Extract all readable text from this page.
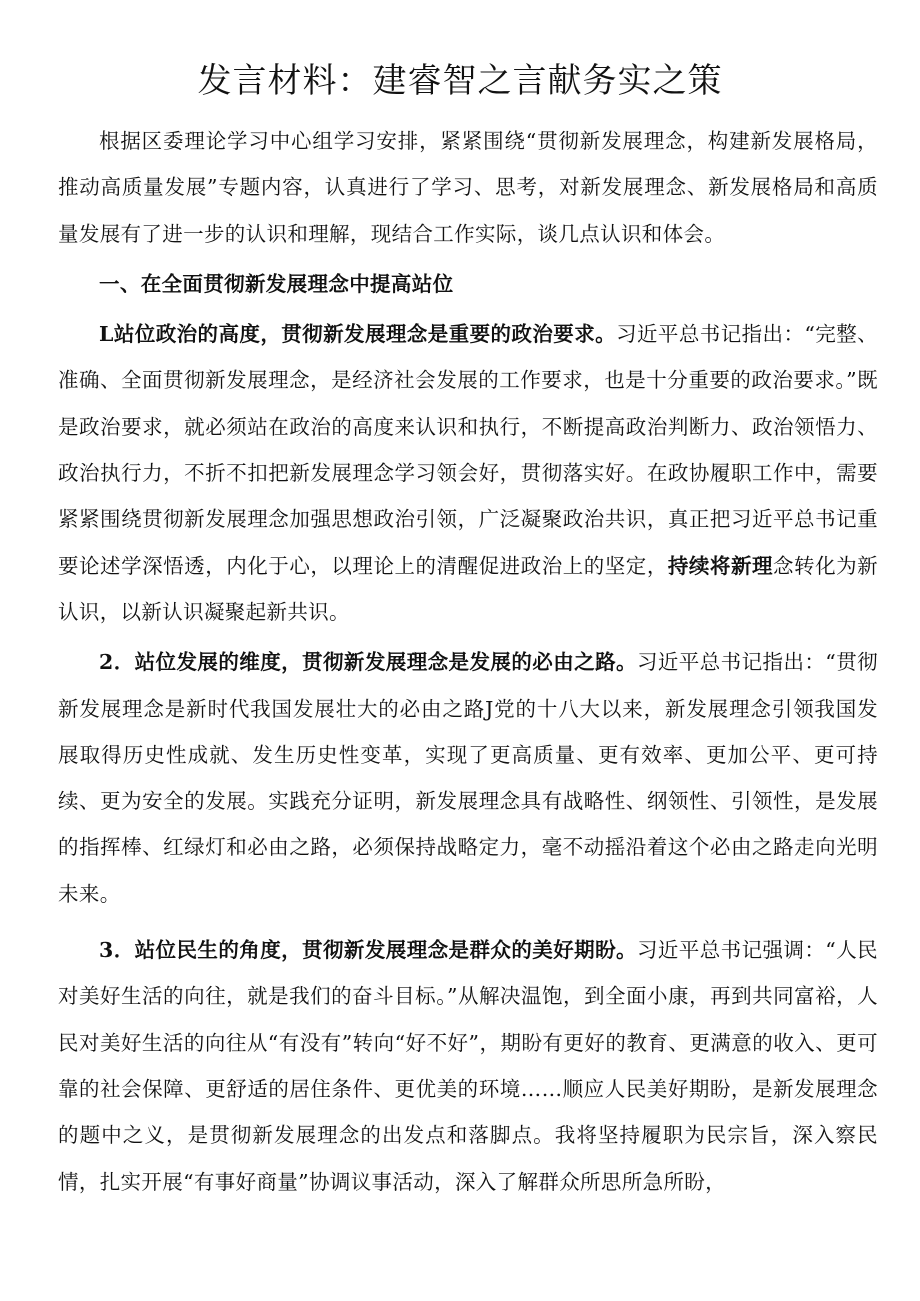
发言材料：建睿智之言献务实之策

根据区委理论学习中心组学习安排，紧紧围绕“贯彻新发展理念，构建新发展格局，推动高质量发展”专题内容，认真进行了学习、思考，对新发展理念、新发展格局和高质量发展有了进一步的认识和理解，现结合工作实际，谈几点认识和体会。

一、在全面贯彻新发展理念中提高站位

L站位政治的高度，贯彻新发展理念是重要的政治要求。习近平总书记指出：“完整、准确、全面贯彻新发展理念，是经济社会发展的工作要求，也是十分重要的政治要求。”既是政治要求，就必须站在政治的高度来认识和执行，不断提高政治判断力、政治领悟力、政治执行力，不折不扣把新发展理念学习领会好，贯彻落实好。在政协履职工作中，需要紧紧围绕贯彻新发展理念加强思想政治引领，广泛凝聚政治共识，真正把习近平总书记重要论述学深悟透，内化于心，以理论上的清醒促进政治上的坚定，持续将新理念转化为新认识，以新认识凝聚起新共识。

2．站位发展的维度，贯彻新发展理念是发展的必由之路。习近平总书记指出：“贯彻新发展理念是新时代我国发展壮大的必由之路J党的十八大以来，新发展理念引领我国发展取得历史性成就、发生历史性变革，实现了更高质量、更有效率、更加公平、更可持续、更为安全的发展。实践充分证明，新发展理念具有战略性、纲领性、引领性，是发展的指挥棒、红绿灯和必由之路，必须保持战略定力，毫不动摇沿着这个必由之路走向光明未来。

3．站位民生的角度，贯彻新发展理念是群众的美好期盼。习近平总书记强调：“人民对美好生活的向往，就是我们的奋斗目标。”从解决温饱，到全面小康，再到共同富裕，人民对美好生活的向往从“有没有”转向“好不好”，期盼有更好的教育、更满意的收入、更可靠的社会保障、更舒适的居住条件、更优美的环境……顺应人民美好期盼，是新发展理念的题中之义，是贯彻新发展理念的出发点和落脚点。我将坚持履职为民宗旨，深入察民情，扎实开展“有事好商量”协调议事活动，深入了解群众所思所急所盼，
